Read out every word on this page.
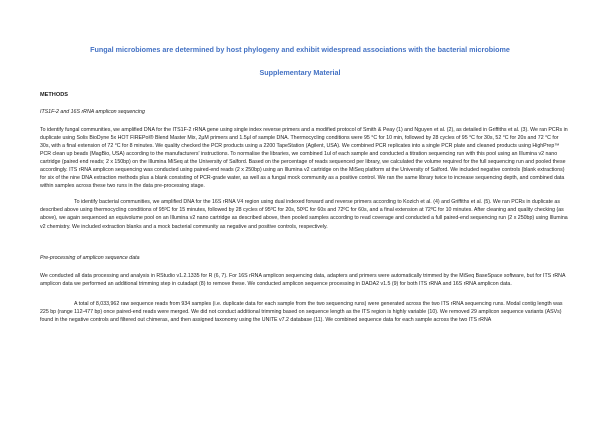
Fungal microbiomes are determined by host phylogeny and exhibit widespread associations with the bacterial microbiome
Supplementary Material
METHODS
ITS1F-2 and 16S rRNA amplicon sequencing

To identify fungal communities, we amplified DNA for the ITS1F-2 rRNA gene using single index reverse primers and a modified protocol of Smith & Peay (1) and Nguyen et al. (2), as detailed in Griffiths et al. (3). We ran PCRs in duplicate using Solis BioDyne 5x HOT FIREPol® Blend Master Mix, 2μM primers and 1.5μl of sample DNA. Thermocycling conditions were 95 °C for 10 min, followed by 28 cycles of 95 °C for 30s, 52 °C for 20s and 72 °C for 30s, with a final extension of 72 °C for 8 minutes. We quality checked the PCR products using a 2200 TapeStation (Agilent, USA). We combined PCR replicates into a single PCR plate and cleaned products using HighPrep™ PCR clean up beads (MagBio, USA) according to the manufacturers' instructions. To normalise the libraries, we combined 1ul of each sample and conducted a titration sequencing run with this pool using an Illumina v2 nano cartridge (paired end reads; 2 x 150bp) on the Illumina MiSeq at the University of Salford. Based on the percentage of reads sequenced per library, we calculated the volume required for the full sequencing run and pooled these accordingly. ITS rRNA amplicon sequencing was conducted using paired-end reads (2 x 250bp) using an Illumina v2 cartridge on the MiSeq platform at the University of Salford. We included negative controls (blank extractions) for six of the nine DNA extraction methods plus a blank consisting of PCR-grade water, as well as a fungal mock community as a positive control. We ran the same library twice to increase sequencing depth, and combined data within samples across these two runs in the data pre-processing stage.

To identify bacterial communities, we amplified DNA for the 16S rRNA V4 region using dual indexed forward and reverse primers according to Kozich et al. (4) and Griffiths et al. (5). We ran PCRs in duplicate as described above using thermocycling conditions of 95ºC for 15 minutes, followed by 28 cycles of 95ºC for 20s, 50ºC for 60s and 72ºC for 60s, and a final extension at 72ºC for 10 minutes. After cleaning and quality checking (as above), we again sequenced an equivolume pool on an Illumina v2 nano cartridge as described above, then pooled samples according to read coverage and conducted a full paired-end sequencing run (2 x 250bp) using Illumina v2 chemistry. We included extraction blanks and a mock bacterial community as negative and positive controls, respectively.

Pre-processing of amplicon sequence data

We conducted all data processing and analysis in RStudio v1.2.1335 for R (6, 7). For 16S rRNA amplicon sequencing data, adapters and primers were automatically trimmed by the MiSeq BaseSpace software, but for ITS rRNA amplicon data we performed an additional trimming step in cutadapt (8) to remove these. We conducted amplicon sequence processing in DADA2 v1.5 (9) for both ITS rRNA and 16S rRNA amplicon data.

A total of 8,033,962 raw sequence reads from 934 samples (i.e. duplicate data for each sample from the two sequencing runs) were generated across the two ITS rRNA sequencing runs. Modal contig length was 225 bp (range 112-477 bp) once paired-end reads were merged. We did not conduct additional trimming based on sequence length as the ITS region is highly variable (10). We removed 29 amplicon sequence variants (ASVs) found in the negative controls and filtered out chimeras, and then assigned taxonomy using the UNITE v7.2 database (11). We combined sequence data for each sample across the two ITS rRNA
